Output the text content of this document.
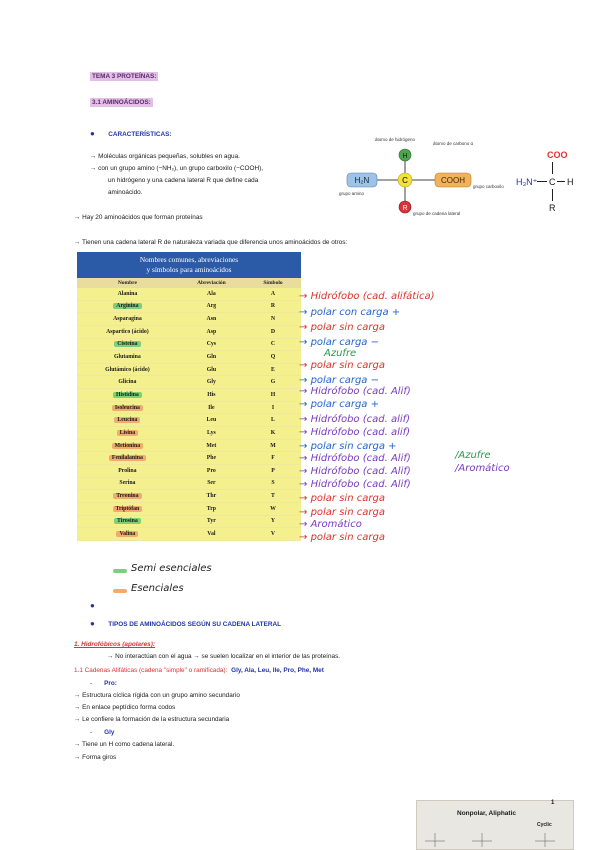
TEMA 3 PROTEÍNAS:
3.1 AMINOÁCIDOS:
● CARACTERÍSTICAS:
→ Moléculas orgánicas pequeñas, solubles en agua.
→ con un grupo amino (−NH₂), un grupo carboxilo (−COOH),
un hidrógeno y una cadena lateral R que define cada
aminoácido.
H₂N	COOH
C
H
R
átomo de hidrógeno
átomo de carbono α
grupo amino
grupo carboxilo
grupo de cadena lateral
COO
H₃N⁺ C H
R
→ Hay 20 aminoácidos que forman proteínas
→ Tienen una cadena lateral R de naturaleza variada que diferencia unos aminoácidos de otros:
Nombres comunes, abreviaciones
y símbolos para aminoácidos		
Nombre	Abreviación	Símbolo
Alanina	Ala	A
Arginina	Arg	R
Asparagina	Asn	N
Aspartico (ácido)	Asp	D
Cisteína	Cys	C
Glutamina	Gln	Q
Glutámico (ácido)	Glu	E
Glicina	Gly	G
Histidina	His	H
Isoleucina	Ile	I
Leucina	Leu	L
Lisina	Lys	K
Metionina	Met	M
Fenilalanina	Phe	F
Prolina	Pro	P
Serina	Ser	S
Treonina	Thr	T
Triptófan	Trp	W
Tirosina	Tyr	Y
Valina	Val	V
→ Hidrófobo (cad. alifática)
→ polar con carga +
→ polar sin carga
→ polar carga −
→ polar sin carga
→ polar carga −
→ Hidrófobo (cad. Alif)
→ polar carga +
→ Hidrófobo (cad. alif)
→ Hidrófobo (cad. alif)
→ polar sin carga +
→ Hidrófobo (cad. Alif)
→ Hidrófobo (cad. Alif)
→ Hidrófobo (cad. Alif)
→ polar sin carga
→ polar sin carga
→ Aromático
→ polar sin carga
Azufre
/Azufre
/Aromático
Semi esenciales
Esenciales
●
● TIPOS DE AMINOÁCIDOS SEGÚN SU CADENA LATERAL
1. Hidrofóbicos (apolares):
→ No interactúan con el agua → se suelen localizar en el interior de las proteínas.
1.1 Cadenas Alifáticas (cadena "simple" o ramificada): Gly, Ala, Leu, Ile, Pro, Phe, Met
- Pro:
→ Estructura cíclica rígida con un grupo amino secundario
→ En enlace peptídico forma codos
→ Le confiere la formación de la estructura secundaria
- Gly
→ Tiene un H como cadena lateral.
→ Forma giros
1
Nonpolar, Aliphatic
Cyclic
